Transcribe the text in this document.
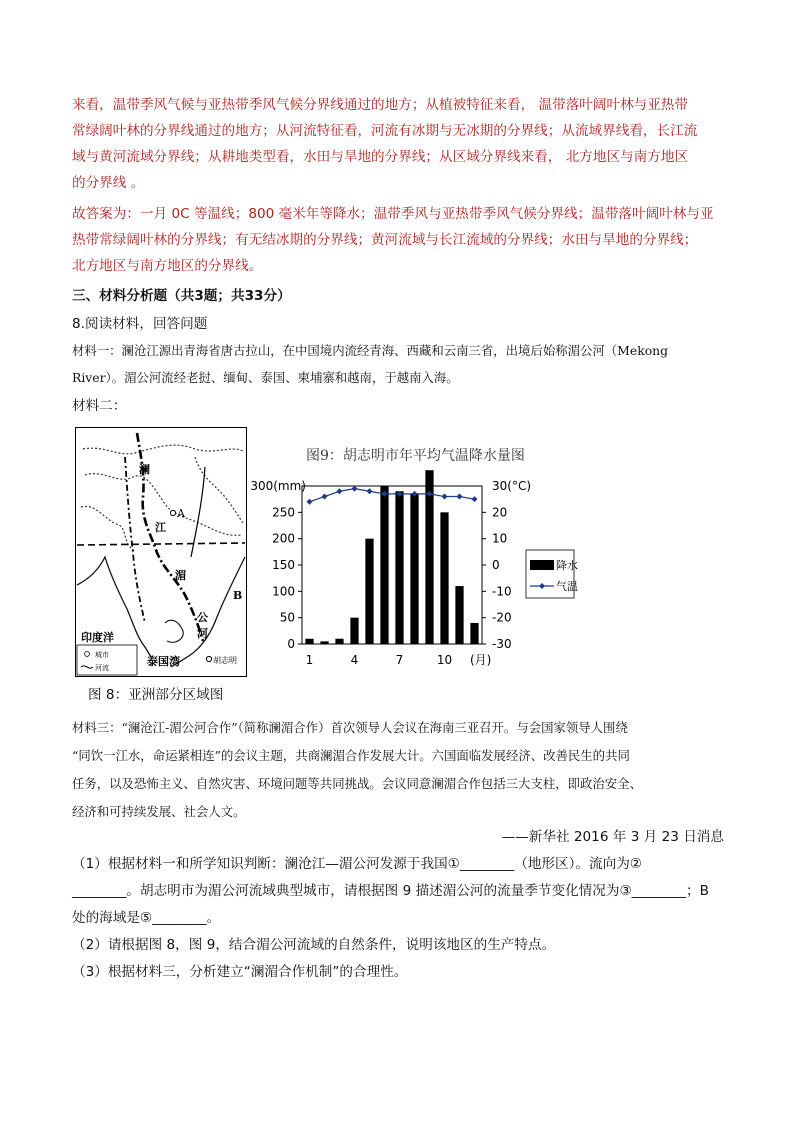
来看，温带季风气候与亚热带季风气候分界线通过的地方；从植被特征来看， 温带落叶阔叶林与亚热带
常绿阔叶林的分界线通过的地方；从河流特征看，河流有冰期与无冰期的分界线；从流域界线看，长江流
域与黄河流域分界线；从耕地类型看，水田与旱地的分界线；从区域分界线来看， 北方地区与南方地区
的分界线 。
故答案为：一月 0C 等温线；800 毫米年等降水；温带季风与亚热带季风气候分界线；温带落叶阔叶林与亚
热带常绿阔叶林的分界线；有无结冰期的分界线；黄河流域与长江流域的分界线；水田与旱地的分界线；
北方地区与南方地区的分界线。
三、材料分析题（共3题；共33分）
8.阅读材料，回答问题
材料一：澜沧江源出青海省唐古拉山，在中国境内流经青海、西藏和云南三省，出境后始称湄公河（Mekong
River）。湄公河流经老挝、缅甸、泰国、柬埔寨和越南，于越南入海。
材料二：
澜
江
A
湄
B
公
河
印度洋
泰国湾	胡志明
城市
河流
图9：胡志明市年平均气温降水量图
250
200
150
100
50
0
300(mm)
20
10
0
-10
-20
-30
30(°C)
1	4	7	10 (月)
降水
气温
图 8：亚洲部分区域图
材料三：“澜沧江-湄公河合作”（简称澜湄合作）首次领导人会议在海南三亚召开。与会国家领导人围绕
“同饮一江水，命运紧相连”的会议主题，共商澜湄合作发展大计。六国面临发展经济、改善民生的共同
任务，以及恐怖主义、自然灾害、环境问题等共同挑战。会议同意澜湄合作包括三大支柱，即政治安全、
经济和可持续发展、社会人文。
——新华社 2016 年 3 月 23 日消息
（1）根据材料一和所学知识判断：澜沧江—湄公河发源于我国①________（地形区）。流向为②
________。胡志明市为湄公河流域典型城市，请根据图 9 描述湄公河的流量季节变化情况为③________；B
处的海域是⑤________。
（2）请根据图 8，图 9，结合湄公河流域的自然条件，说明该地区的生产特点。
（3）根据材料三，分析建立“澜湄合作机制”的合理性。
